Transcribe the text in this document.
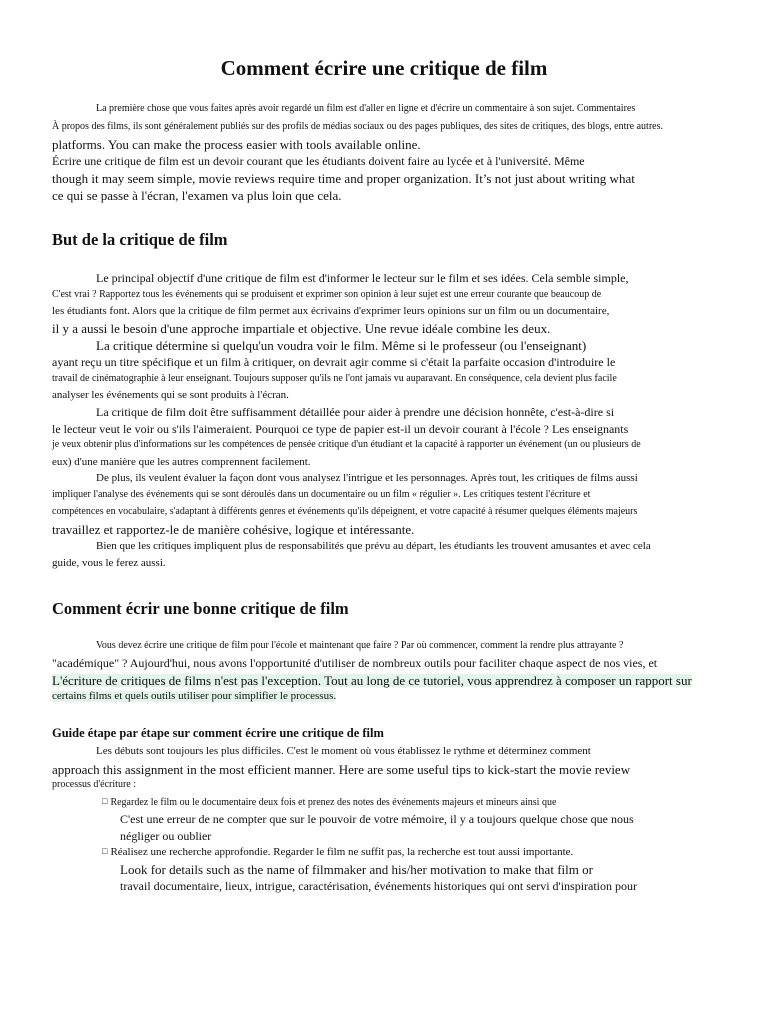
Comment écrire une critique de film
La première chose que vous faites après avoir regardé un film est d'aller en ligne et d'écrire un commentaire à son sujet. Commentaires
À propos des films, ils sont généralement publiés sur des profils de médias sociaux ou des pages publiques, des sites de critiques, des blogs, entre autres.
platforms. You can make the process easier with tools available online.
Écrire une critique de film est un devoir courant que les étudiants doivent faire au lycée et à l'université. Même
though it may seem simple, movie reviews require time and proper organization. It’s not just about writing what
ce qui se passe à l'écran, l'examen va plus loin que cela.
But de la critique de film
Le principal objectif d'une critique de film est d'informer le lecteur sur le film et ses idées. Cela semble simple,
C'est vrai ? Rapportez tous les événements qui se produisent et exprimer son opinion à leur sujet est une erreur courante que beaucoup de
les étudiants font. Alors que la critique de film permet aux écrivains d'exprimer leurs opinions sur un film ou un documentaire,
il y a aussi le besoin d'une approche impartiale et objective. Une revue idéale combine les deux.
La critique détermine si quelqu'un voudra voir le film. Même si le professeur (ou l'enseignant)
ayant reçu un titre spécifique et un film à critiquer, on devrait agir comme si c'était la parfaite occasion d'introduire le
travail de cinématographie à leur enseignant. Toujours supposer qu'ils ne l'ont jamais vu auparavant. En conséquence, cela devient plus facile
analyser les événements qui se sont produits à l'écran.
La critique de film doit être suffisamment détaillée pour aider à prendre une décision honnête, c'est-à-dire si
le lecteur veut le voir ou s'ils l'aimeraient. Pourquoi ce type de papier est-il un devoir courant à l'école ? Les enseignants
je veux obtenir plus d'informations sur les compétences de pensée critique d'un étudiant et la capacité à rapporter un événement (un ou plusieurs de
eux) d'une manière que les autres comprennent facilement.
De plus, ils veulent évaluer la façon dont vous analysez l'intrigue et les personnages. Après tout, les critiques de films aussi
impliquer l'analyse des événements qui se sont déroulés dans un documentaire ou un film « régulier ». Les critiques testent l'écriture et
compétences en vocabulaire, s'adaptant à différents genres et événements qu'ils dépeignent, et votre capacité à résumer quelques éléments majeurs
travaillez et rapportez-le de manière cohésive, logique et intéressante.
Bien que les critiques impliquent plus de responsabilités que prévu au départ, les étudiants les trouvent amusantes et avec cela
guide, vous le ferez aussi.
Comment écrir une bonne critique de film
Vous devez écrire une critique de film pour l'école et maintenant que faire ? Par où commencer, comment la rendre plus attrayante ?
"académique" ? Aujourd'hui, nous avons l'opportunité d'utiliser de nombreux outils pour faciliter chaque aspect de nos vies, et
L'écriture de critiques de films n'est pas l'exception. Tout au long de ce tutoriel, vous apprendrez à composer un rapport sur
certains films et quels outils utiliser pour simplifier le processus.
Guide étape par étape sur comment écrire une critique de film
Les débuts sont toujours les plus difficiles. C'est le moment où vous établissez le rythme et déterminez comment
approach this assignment in the most efficient manner. Here are some useful tips to kick-start the movie review
processus d'écriture :
□ Regardez le film ou le documentaire deux fois et prenez des notes des événements majeurs et mineurs ainsi que
C'est une erreur de ne compter que sur le pouvoir de votre mémoire, il y a toujours quelque chose que nous
négliger ou oublier
□ Réalisez une recherche approfondie. Regarder le film ne suffit pas, la recherche est tout aussi importante.
Look for details such as the name of filmmaker and his/her motivation to make that film or
travail documentaire, lieux, intrigue, caractérisation, événements historiques qui ont servi d'inspiration pour
